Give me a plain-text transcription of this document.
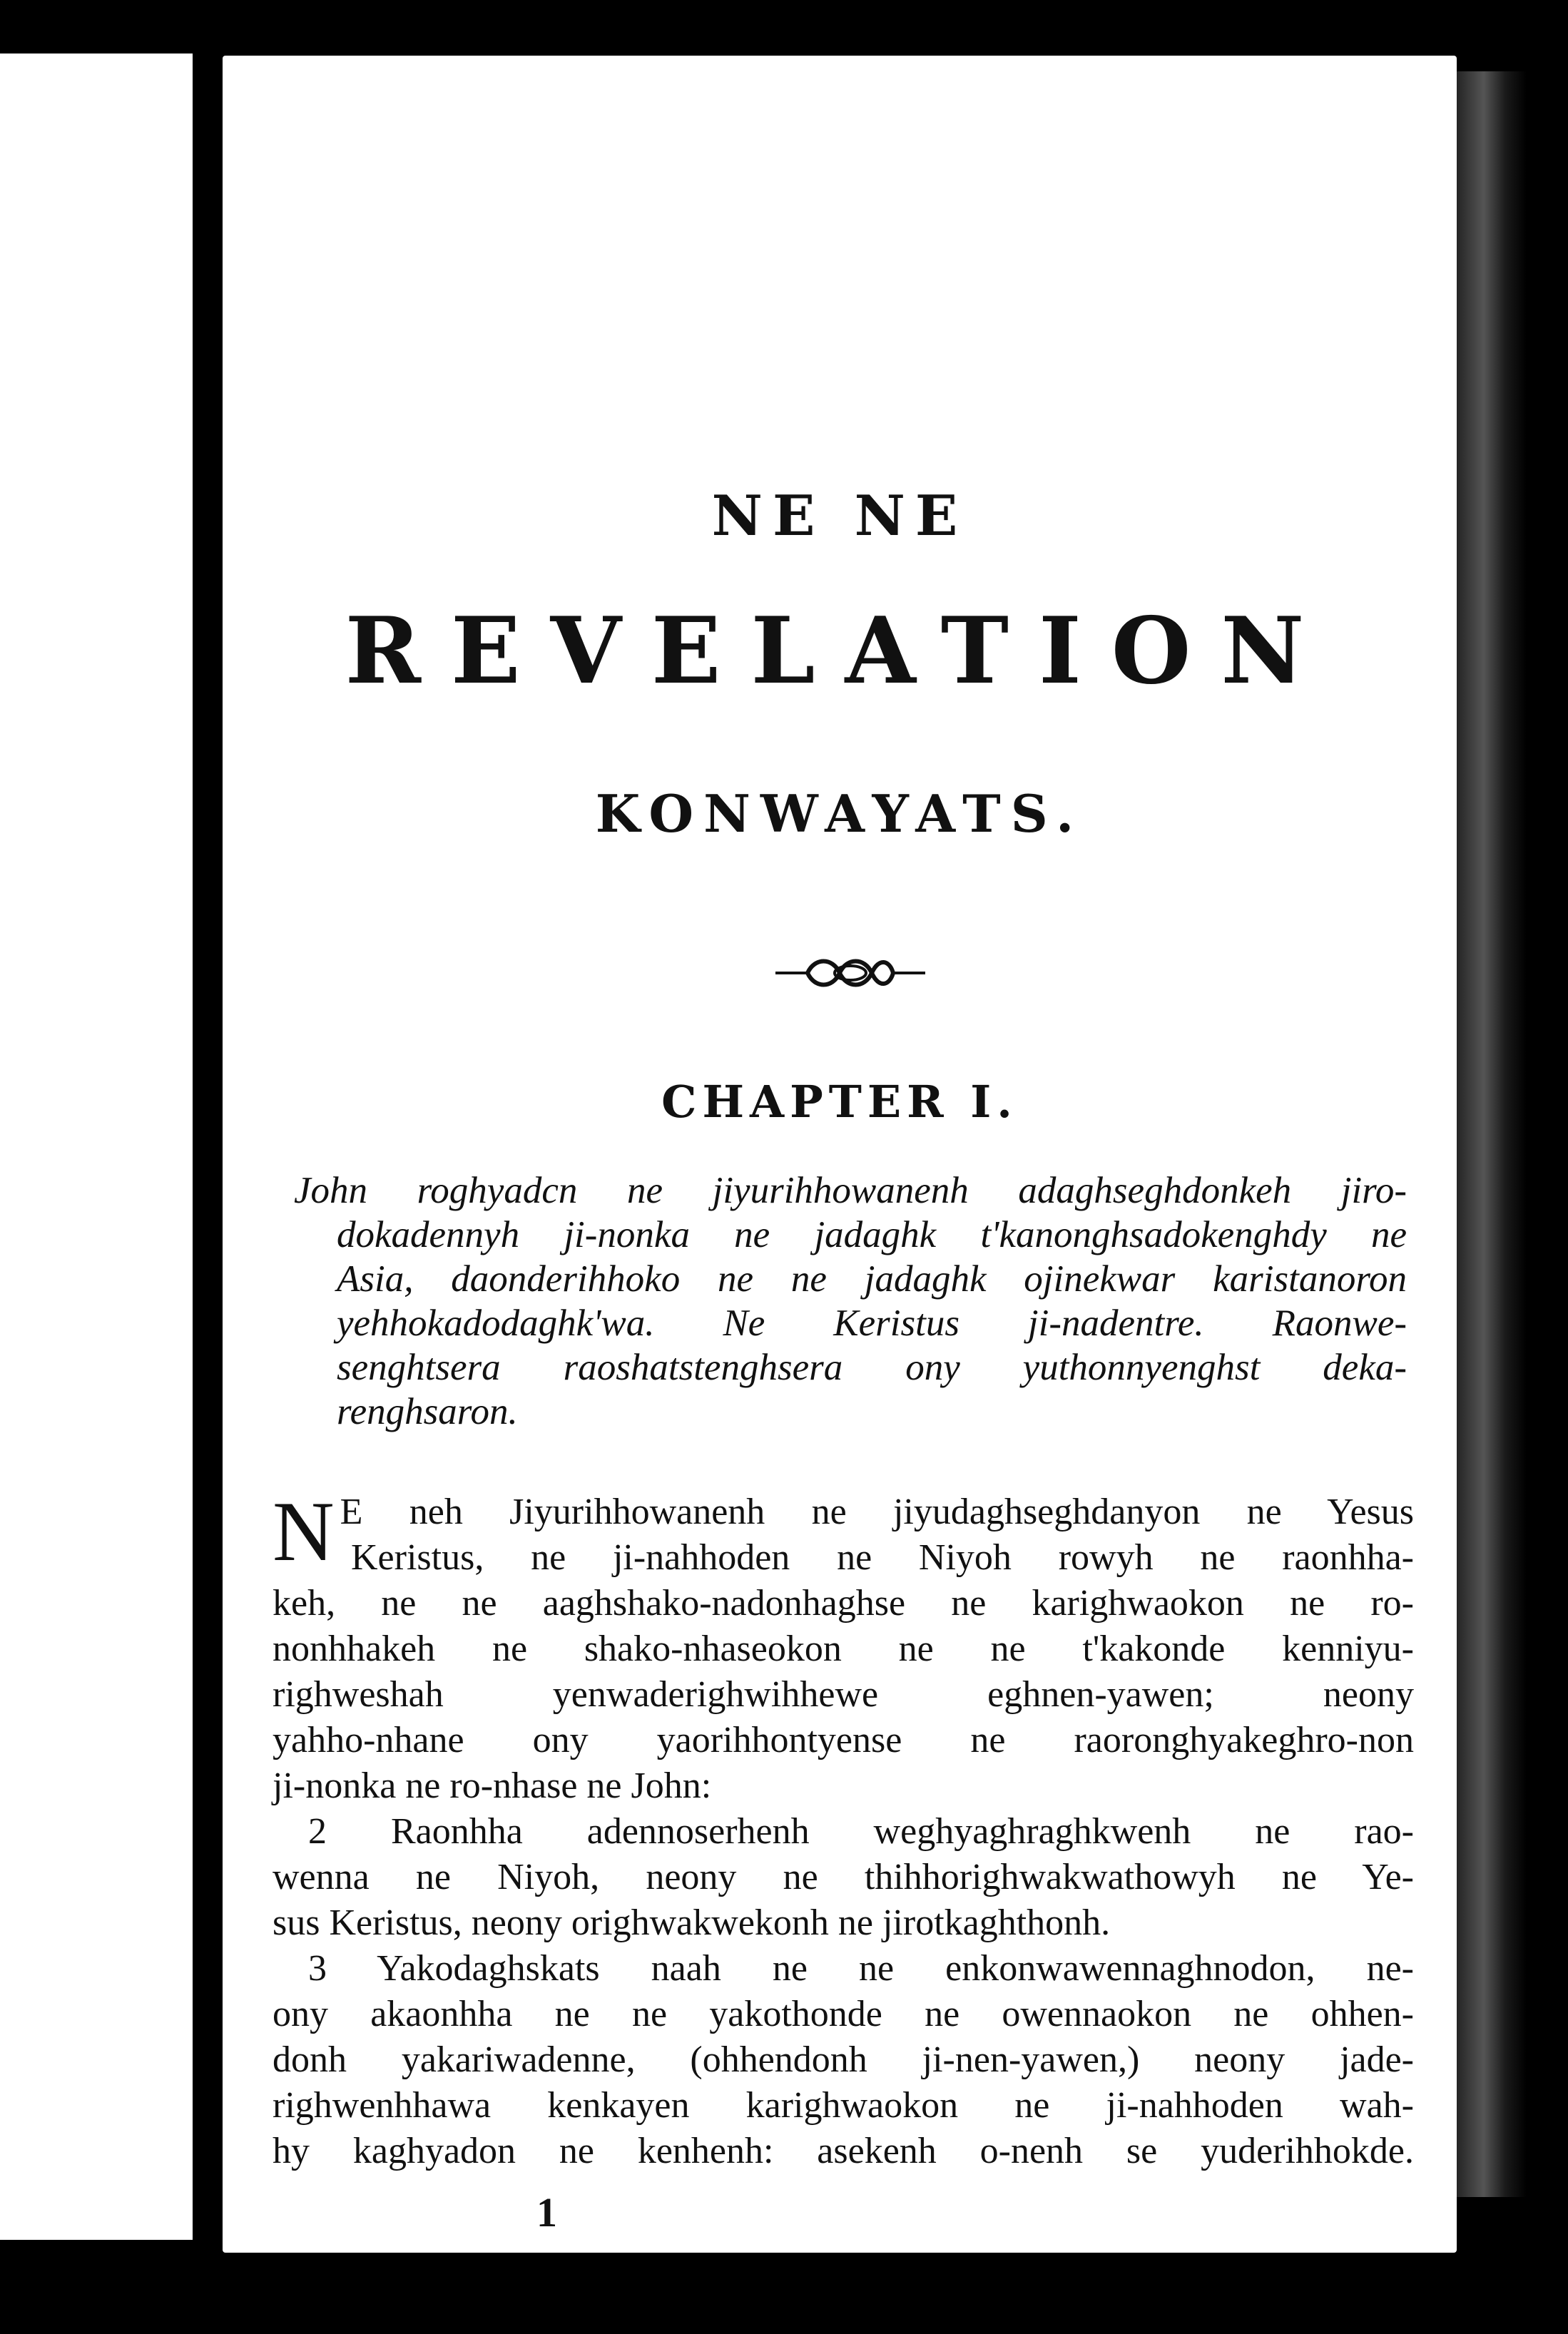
NE NE
REVELATION
KONWAYATS.
CHAPTER I.
John roghyadcn ne jiyurihhowanenh adaghseghdonkeh jiro-
dokadennyh ji-nonka ne jadaghk t'kanonghsadokenghdy ne
Asia, daonderihhoko ne ne jadaghk ojinekwar karistanoron
yehhokadodaghk'wa. Ne Keristus ji-nadentre. Raonwe-
senghtsera raoshatstenghsera ony yuthonnyenghst deka-
renghsaron.
N E neh Jiyurihhowanenh ne jiyudaghseghdanyon ne Yesus
Keristus, ne ji-nahhoden ne Niyoh rowyh ne raonhha-
keh, ne ne aaghshako-nadonhaghse ne karighwaokon ne ro-
nonhhakeh ne shako-nhaseokon ne ne t'kakonde kenniyu-
righweshah yenwaderighwihhewe eghnen-yawen; neony
yahho-nhane ony yaorihhontyense ne raoronghyakeghro-non
ji-nonka ne ro-nhase ne John:
2 Raonhha adennoserhenh weghyaghraghkwenh ne rao-
wenna ne Niyoh, neony ne thihhorighwakwathowyh ne Ye-
sus Keristus, neony orighwakwekonh ne jirotkaghthonh.
3 Yakodaghskats naah ne ne enkonwawennaghnodon, ne-
ony akaonhha ne ne yakothonde ne owennaokon ne ohhen-
donh yakariwadenne, (ohhendonh ji-nen-yawen,) neony jade-
righwenhhawa kenkayen karighwaokon ne ji-nahhoden wah-
hy kaghyadon ne kenhenh: asekenh o-nenh se yuderihhokde.
1
